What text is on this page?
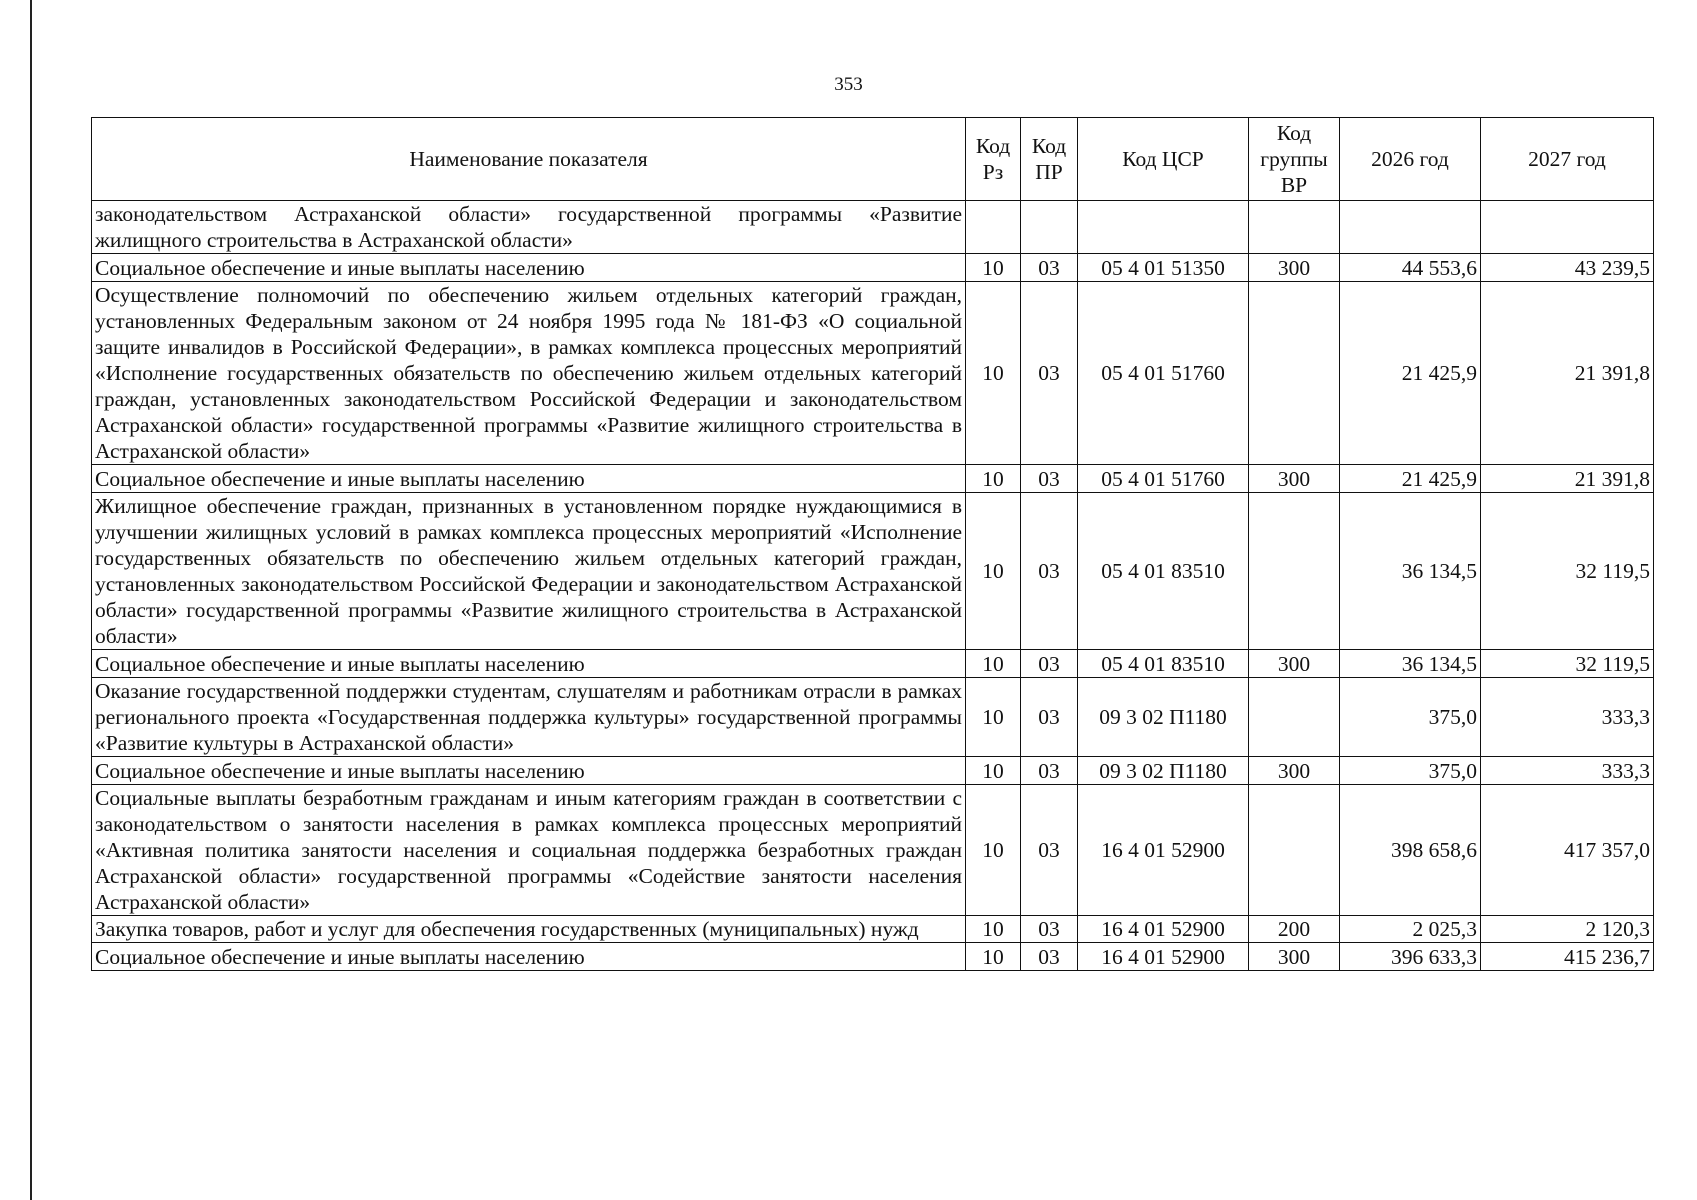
353
Наименование показателя	Код Рз	Код ПР	Код ЦСР	Код группы ВР	2026 год	2027 год
законодательством Астраханской области» государственной программы «Развитие жилищного строительства в Астраханской области»						
Социальное обеспечение и иные выплаты населению	10	03	05 4 01 51350	300	44 553,6	43 239,5
Осуществление полномочий по обеспечению жильем отдельных категорий граждан, установленных Федеральным законом от 24 ноября 1995 года № 181-ФЗ «О социальной защите инвалидов в Российской Федерации», в рамках комплекса процессных мероприятий «Исполнение государственных обязательств по обеспечению жильем отдельных категорий граждан, установленных законодательством Российской Федерации и законодательством Астраханской области» государственной программы «Развитие жилищного строительства в Астраханской области»	10	03	05 4 01 51760		21 425,9	21 391,8
Социальное обеспечение и иные выплаты населению	10	03	05 4 01 51760	300	21 425,9	21 391,8
Жилищное обеспечение граждан, признанных в установленном порядке нуждающимися в улучшении жилищных условий в рамках комплекса процессных мероприятий «Исполнение государственных обязательств по обеспечению жильем отдельных категорий граждан, установленных законодательством Российской Федерации и законодательством Астраханской области» государственной программы «Развитие жилищного строительства в Астраханской области»	10	03	05 4 01 83510		36 134,5	32 119,5
Социальное обеспечение и иные выплаты населению	10	03	05 4 01 83510	300	36 134,5	32 119,5
Оказание государственной поддержки студентам, слушателям и работникам отрасли в рамках регионального проекта «Государственная поддержка культуры» государственной программы «Развитие культуры в Астраханской области»	10	03	09 3 02 П1180		375,0	333,3
Социальное обеспечение и иные выплаты населению	10	03	09 3 02 П1180	300	375,0	333,3
Социальные выплаты безработным гражданам и иным категориям граждан в соответствии с законодательством о занятости населения в рамках комплекса процессных мероприятий «Активная политика занятости населения и социальная поддержка безработных граждан Астраханской области» государственной программы «Содействие занятости населения Астраханской области»	10	03	16 4 01 52900		398 658,6	417 357,0
Закупка товаров, работ и услуг для обеспечения государственных (муниципальных) нужд	10	03	16 4 01 52900	200	2 025,3	2 120,3
Социальное обеспечение и иные выплаты населению	10	03	16 4 01 52900	300	396 633,3	415 236,7
